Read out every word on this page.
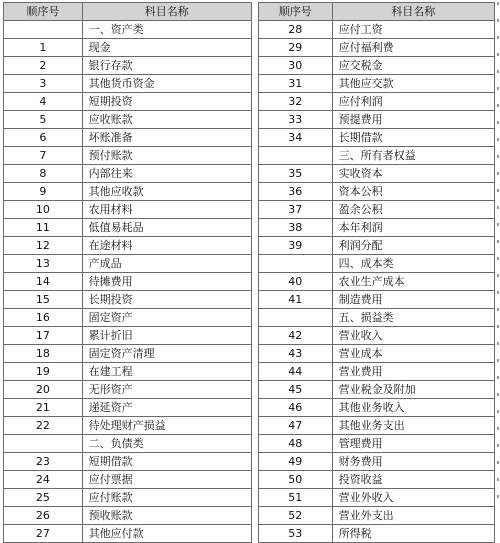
顺序号	科目名称		顺序号	科目名称
	一、资产类		28	应付工资
1	现金		29	应付福利费
2	银行存款		30	应交税金
3	其他货币资金		31	其他应交款
4	短期投资		32	应付利润
5	应收账款		33	预提费用
6	坏账准备		34	长期借款
7	预付账款			三、所有者权益
8	内部往来		35	实收资本
9	其他应收款		36	资本公积
10	农用材料		37	盈余公积
11	低值易耗品		38	本年利润
12	在途材料		39	利润分配
13	产成品			四、成本类
14	待摊费用		40	农业生产成本
15	长期投资		41	制造费用
16	固定资产			五、损益类
17	累计折旧		42	营业收入
18	固定资产清理		43	营业成本
19	在建工程		44	营业费用
20	无形资产		45	营业税金及附加
21	递延资产		46	其他业务收入
22	待处理财产损益		47	其他业务支出
	二、负债类		48	管理费用
23	短期借款		49	财务费用
24	应付票据		50	投资收益
25	应付账款		51	营业外收入
26	预收账款		52	营业外支出
27	其他应付款		53	所得税
